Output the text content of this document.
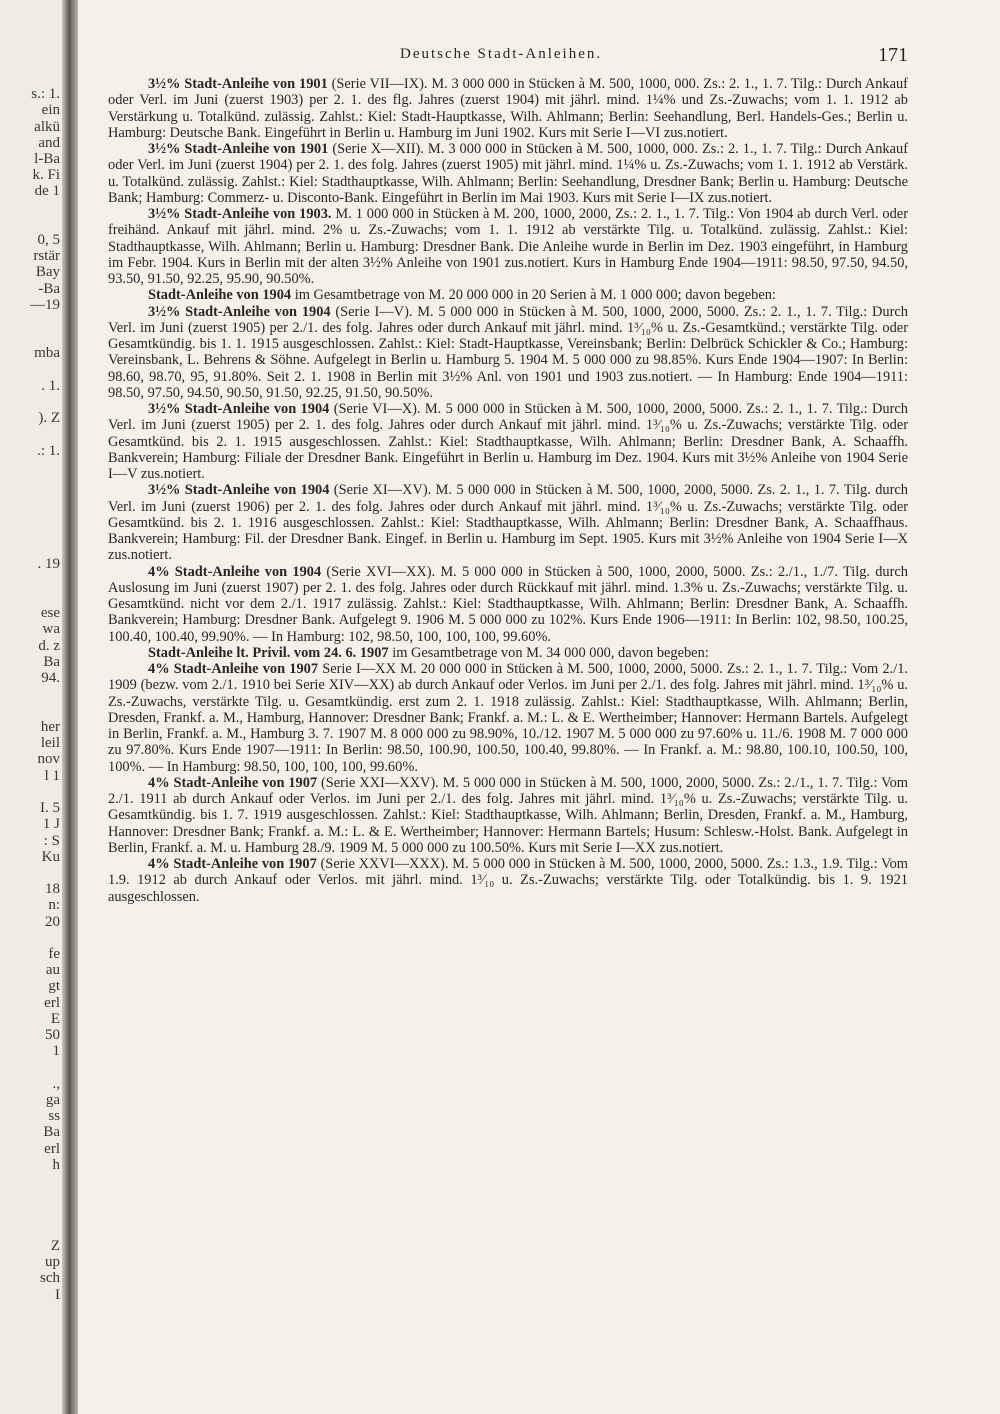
s.: 1.
ein
alkü
and
l-Ba
k. Fi
de 1
0, 5
rstär
Bay
-Ba
—19
mba
. 1.
). Z
.: 1.
. 19
ese
wa
d. z
Ba
94.
her
leil
nov
l 1
I. 5
1 J
: S
Ku
18
n:
20
fe
au
gt
erl
E
50
1
.,
ga
ss
Ba
erl
h
Z
up
sch
I
Deutsche Stadt-Anleihen.	171

3½% Stadt-Anleihe von 1901 (Serie VII—IX). M. 3 000 000 in Stücken à M. 500, 1000, 000. Zs.: 2. 1., 1. 7. Tilg.: Durch Ankauf oder Verl. im Juni (zuerst 1903) per 2. 1. des flg. Jahres (zuerst 1904) mit jährl. mind. 1¼% und Zs.-Zuwachs; vom 1. 1. 1912 ab Verstärkung u. Totalkünd. zulässig. Zahlst.: Kiel: Stadt-Hauptkasse, Wilh. Ahlmann; Berlin: Seehandlung, Berl. Handels-Ges.; Berlin u. Hamburg: Deutsche Bank. Eingeführt in Berlin u. Hamburg im Juni 1902. Kurs mit Serie I—VI zus.notiert.

3½% Stadt-Anleihe von 1901 (Serie X—XII). M. 3 000 000 in Stücken à M. 500, 1000, 000. Zs.: 2. 1., 1. 7. Tilg.: Durch Ankauf oder Verl. im Juni (zuerst 1904) per 2. 1. des folg. Jahres (zuerst 1905) mit jährl. mind. 1¼% u. Zs.-Zuwachs; vom 1. 1. 1912 ab Verstärk. u. Totalkünd. zulässig. Zahlst.: Kiel: Stadthauptkasse, Wilh. Ahlmann; Berlin: Seehandlung, Dresdner Bank; Berlin u. Hamburg: Deutsche Bank; Hamburg: Commerz- u. Disconto-Bank. Eingeführt in Berlin im Mai 1903. Kurs mit Serie I—IX zus.notiert.

3½% Stadt-Anleihe von 1903. M. 1 000 000 in Stücken à M. 200, 1000, 2000, Zs.: 2. 1., 1. 7. Tilg.: Von 1904 ab durch Verl. oder freihänd. Ankauf mit jährl. mind. 2% u. Zs.-Zuwachs; vom 1. 1. 1912 ab verstärkte Tilg. u. Totalkünd. zulässig. Zahlst.: Kiel: Stadthauptkasse, Wilh. Ahlmann; Berlin u. Hamburg: Dresdner Bank. Die Anleihe wurde in Berlin im Dez. 1903 eingeführt, in Hamburg im Febr. 1904. Kurs in Berlin mit der alten 3½% Anleihe von 1901 zus.notiert. Kurs in Hamburg Ende 1904—1911: 98.50, 97.50, 94.50, 93.50, 91.50, 92.25, 95.90, 90.50%.

Stadt-Anleihe von 1904 im Gesamtbetrage von M. 20 000 000 in 20 Serien à M. 1 000 000; davon begeben:

3½% Stadt-Anleihe von 1904 (Serie I—V). M. 5 000 000 in Stücken à M. 500, 1000, 2000, 5000. Zs.: 2. 1., 1. 7. Tilg.: Durch Verl. im Juni (zuerst 1905) per 2./1. des folg. Jahres oder durch Ankauf mit jährl. mind. 1³⁄₁₀% u. Zs.-Gesamtkünd.; verstärkte Tilg. oder Gesamtkündig. bis 1. 1. 1915 ausgeschlossen. Zahlst.: Kiel: Stadt-Hauptkasse, Vereinsbank; Berlin: Delbrück Schickler & Co.; Hamburg: Vereinsbank, L. Behrens & Söhne. Aufgelegt in Berlin u. Hamburg 5. 1904 M. 5 000 000 zu 98.85%. Kurs Ende 1904—1907: In Berlin: 98.60, 98.70, 95, 91.80%. Seit 2. 1. 1908 in Berlin mit 3½% Anl. von 1901 und 1903 zus.notiert. — In Hamburg: Ende 1904—1911: 98.50, 97.50, 94.50, 90.50, 91.50, 92.25, 91.50, 90.50%.

3½% Stadt-Anleihe von 1904 (Serie VI—X). M. 5 000 000 in Stücken à M. 500, 1000, 2000, 5000. Zs.: 2. 1., 1. 7. Tilg.: Durch Verl. im Juni (zuerst 1905) per 2. 1. des folg. Jahres oder durch Ankauf mit jährl. mind. 1³⁄₁₀% u. Zs.-Zuwachs; verstärkte Tilg. oder Gesamtkünd. bis 2. 1. 1915 ausgeschlossen. Zahlst.: Kiel: Stadthauptkasse, Wilh. Ahlmann; Berlin: Dresdner Bank, A. Schaaffh. Bankverein; Hamburg: Filiale der Dresdner Bank. Eingeführt in Berlin u. Hamburg im Dez. 1904. Kurs mit 3½% Anleihe von 1904 Serie I—V zus.notiert.

3½% Stadt-Anleihe von 1904 (Serie XI—XV). M. 5 000 000 in Stücken à M. 500, 1000, 2000, 5000. Zs. 2. 1., 1. 7. Tilg. durch Verl. im Juni (zuerst 1906) per 2. 1. des folg. Jahres oder durch Ankauf mit jährl. mind. 1³⁄₁₀% u. Zs.-Zuwachs; verstärkte Tilg. oder Gesamtkünd. bis 2. 1. 1916 ausgeschlossen. Zahlst.: Kiel: Stadthauptkasse, Wilh. Ahlmann; Berlin: Dresdner Bank, A. Schaaffhaus. Bankverein; Hamburg: Fil. der Dresdner Bank. Eingef. in Berlin u. Hamburg im Sept. 1905. Kurs mit 3½% Anleihe von 1904 Serie I—X zus.notiert.

4% Stadt-Anleihe von 1904 (Serie XVI—XX). M. 5 000 000 in Stücken à 500, 1000, 2000, 5000. Zs.: 2./1., 1./7. Tilg. durch Auslosung im Juni (zuerst 1907) per 2. 1. des folg. Jahres oder durch Rückkauf mit jährl. mind. 1.3% u. Zs.-Zuwachs; verstärkte Tilg. u. Gesamtkünd. nicht vor dem 2./1. 1917 zulässig. Zahlst.: Kiel: Stadthauptkasse, Wilh. Ahlmann; Berlin: Dresdner Bank, A. Schaaffh. Bankverein; Hamburg: Dresdner Bank. Aufgelegt 9. 1906 M. 5 000 000 zu 102%. Kurs Ende 1906—1911: In Berlin: 102, 98.50, 100.25, 100.40, 100.40, 99.90%. — In Hamburg: 102, 98.50, 100, 100, 100, 99.60%.

Stadt-Anleihe lt. Privil. vom 24. 6. 1907 im Gesamtbetrage von M. 34 000 000, davon begeben:

4% Stadt-Anleihe von 1907 Serie I—XX M. 20 000 000 in Stücken à M. 500, 1000, 2000, 5000. Zs.: 2. 1., 1. 7. Tilg.: Vom 2./1. 1909 (bezw. vom 2./1. 1910 bei Serie XIV—XX) ab durch Ankauf oder Verlos. im Juni per 2./1. des folg. Jahres mit jährl. mind. 1³⁄₁₀% u. Zs.-Zuwachs, verstärkte Tilg. u. Gesamtkündig. erst zum 2. 1. 1918 zulässig. Zahlst.: Kiel: Stadthauptkasse, Wilh. Ahlmann; Berlin, Dresden, Frankf. a. M., Hamburg, Hannover: Dresdner Bank; Frankf. a. M.: L. & E. Wertheimber; Hannover: Hermann Bartels. Aufgelegt in Berlin, Frankf. a. M., Hamburg 3. 7. 1907 M. 8 000 000 zu 98.90%, 10./12. 1907 M. 5 000 000 zu 97.60% u. 11./6. 1908 M. 7 000 000 zu 97.80%. Kurs Ende 1907—1911: In Berlin: 98.50, 100.90, 100.50, 100.40, 99.80%. — In Frankf. a. M.: 98.80, 100.10, 100.50, 100, 100%. — In Hamburg: 98.50, 100, 100, 100, 99.60%.

4% Stadt-Anleihe von 1907 (Serie XXI—XXV). M. 5 000 000 in Stücken à M. 500, 1000, 2000, 5000. Zs.: 2./1., 1. 7. Tilg.: Vom 2./1. 1911 ab durch Ankauf oder Verlos. im Juni per 2./1. des folg. Jahres mit jährl. mind. 1³⁄₁₀% u. Zs.-Zuwachs; verstärkte Tilg. u. Gesamtkündig. bis 1. 7. 1919 ausgeschlossen. Zahlst.: Kiel: Stadthauptkasse, Wilh. Ahlmann; Berlin, Dresden, Frankf. a. M., Hamburg, Hannover: Dresdner Bank; Frankf. a. M.: L. & E. Wertheimber; Hannover: Hermann Bartels; Husum: Schlesw.-Holst. Bank. Aufgelegt in Berlin, Frankf. a. M. u. Hamburg 28./9. 1909 M. 5 000 000 zu 100.50%. Kurs mit Serie I—XX zus.notiert.

4% Stadt-Anleihe von 1907 (Serie XXVI—XXX). M. 5 000 000 in Stücken à M. 500, 1000, 2000, 5000. Zs.: 1.3., 1.9. Tilg.: Vom 1.9. 1912 ab durch Ankauf oder Verlos. mit jährl. mind. 1³⁄₁₀ u. Zs.-Zuwachs; verstärkte Tilg. oder Totalkündig. bis 1. 9. 1921 ausgeschlossen.
